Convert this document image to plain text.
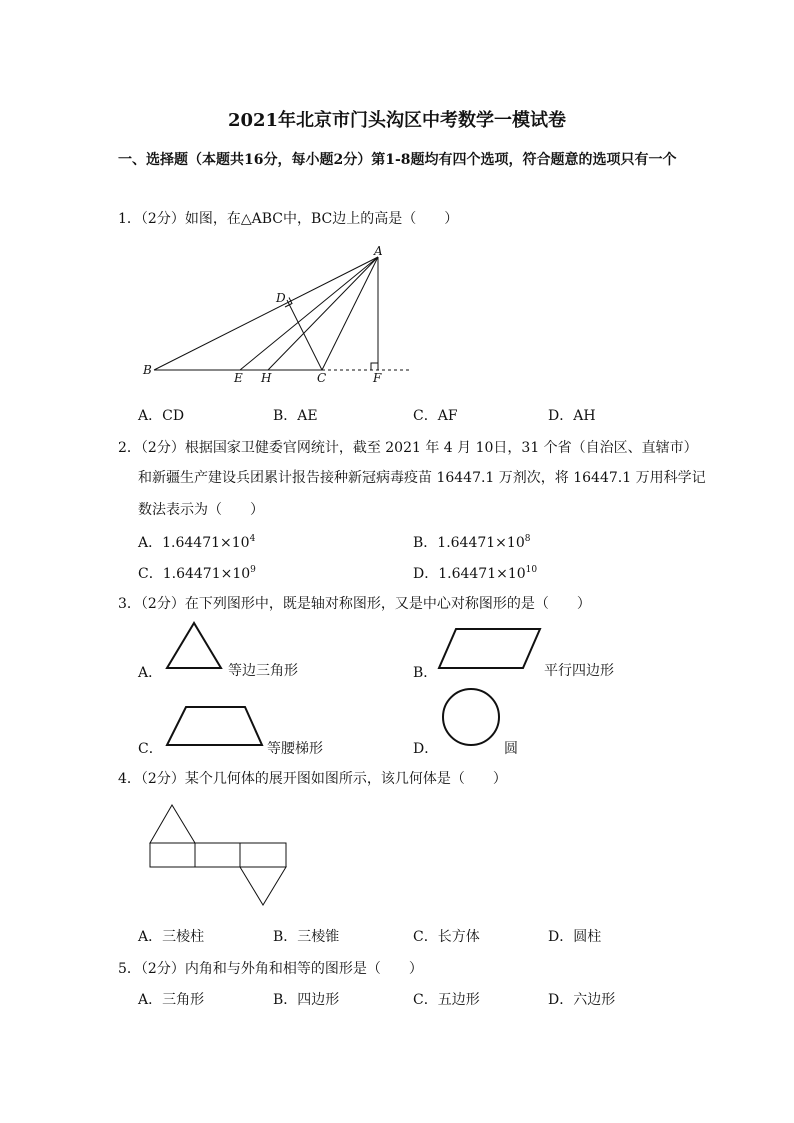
2021年北京市门头沟区中考数学一模试卷
一、选择题（本题共16分，每小题2分）第1-8题均有四个选项，符合题意的选项只有一个
1．（2分）如图，在△ABC中，BC边上的高是（　　）
A
B
C
D
E	F
H
A．CD	B．AE	C．AF	D．AH
2．（2分）根据国家卫健委官网统计，截至 2021 年 4 月 10日，31 个省（自治区、直辖市）
和新疆生产建设兵团累计报告接种新冠病毒疫苗 16447.1 万剂次，将 16447.1 万用科学记
数法表示为（　　）
A．$1.64471\times 10^4$	B．$1.64471\times 10^8$
C．$1.64471\times 10^9$	D．$1.64471\times 10^{10}$
3．（2分）在下列图形中，既是轴对称图形，又是中心对称图形的是（　　）
A．	等边三角形	B．	平行四边形
C．	等腰梯形	D．	圆
4．（2分）某个几何体的展开图如图所示，该几何体是（　　）
A．三棱柱	B．三棱锥	C．长方体	D．圆柱
5．（2分）内角和与外角和相等的图形是（　　）
A．三角形	B．四边形	C．五边形	D．六边形
